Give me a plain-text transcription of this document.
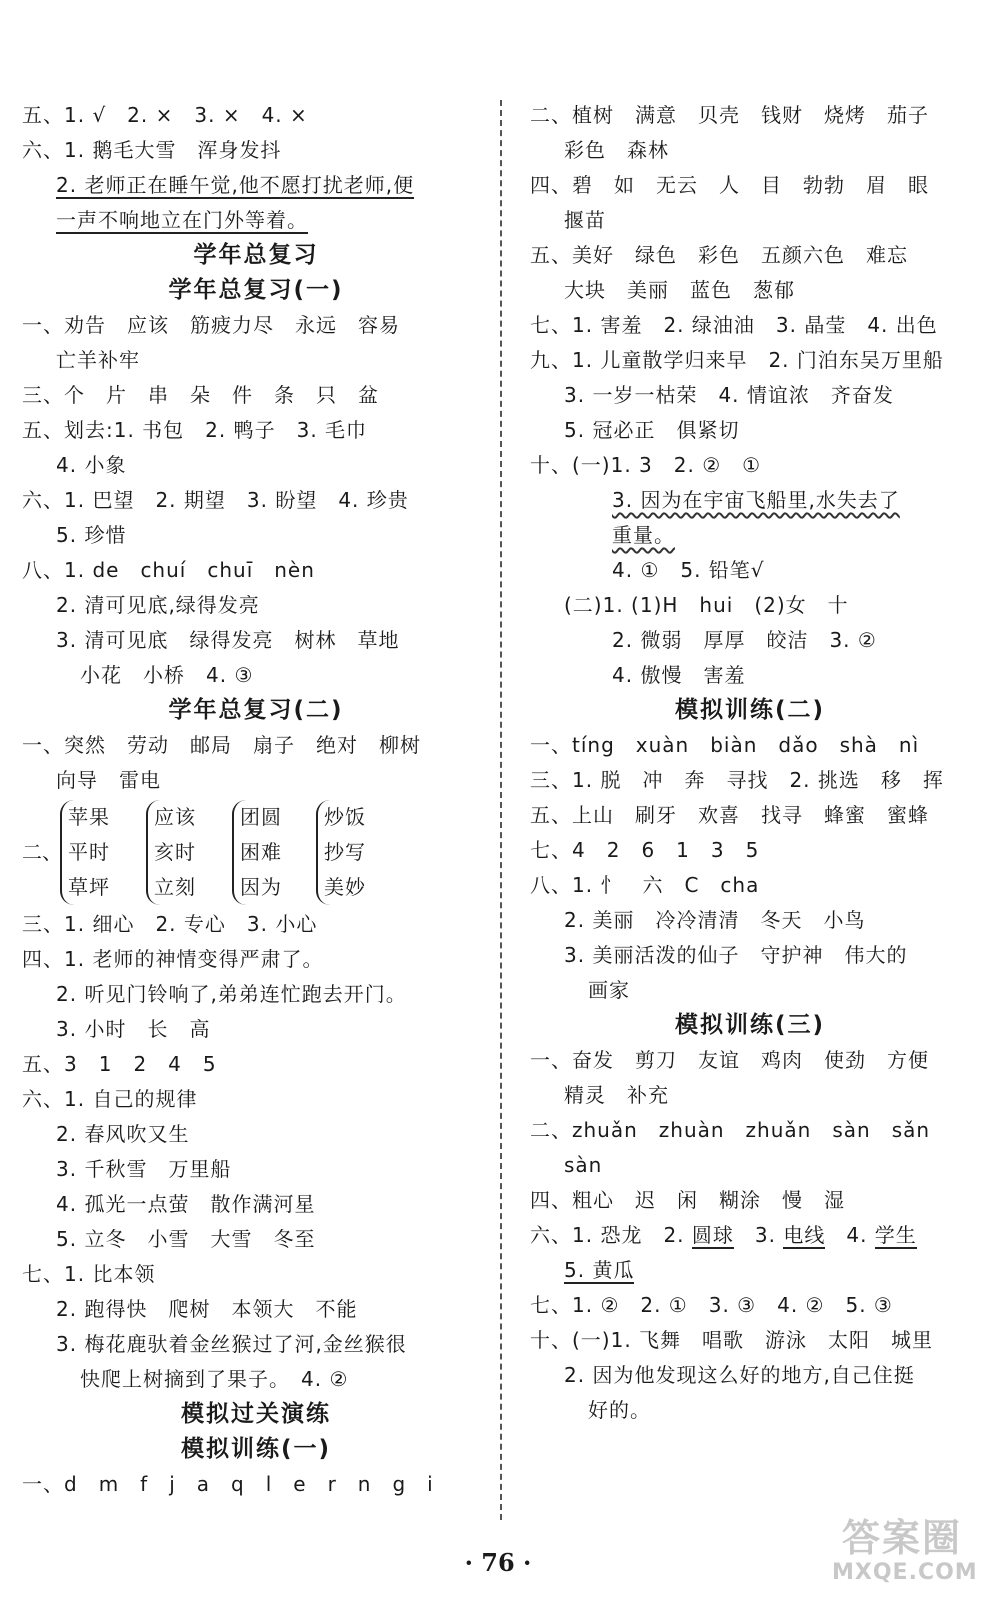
五、1. √　2. ×　3. ×　4. ×
六、1. 鹅毛大雪　浑身发抖
2. 老师正在睡午觉,他不愿打扰老师,便
一声不响地立在门外等着。
学年总复习
学年总复习(一)
一、劝告　应该　筋疲力尽　永远　容易
亡羊补牢
三、个　片　串　朵　件　条　只　盆
五、划去:1. 书包　2. 鸭子　3. 毛巾
4. 小象
六、1. 巴望　2. 期望　3. 盼望　4. 珍贵
5. 珍惜
八、1. de　chuí　chuī　nèn
2. 清可见底,绿得发亮
3. 清可见底　绿得发亮　树林　草地
小花　小桥　4. ③
学年总复习(二)
一、突然　劳动　邮局　扇子　绝对　柳树
向导　雷电
二、
苹果
平时
草坪
应该
亥时
立刻
团圆
困难
因为
炒饭
抄写
美妙
三、1. 细心　2. 专心　3. 小心
四、1. 老师的神情变得严肃了。
2. 听见门铃响了,弟弟连忙跑去开门。
3. 小时　长　高
五、3　1　2　4　5
六、1. 自己的规律
2. 春风吹又生
3. 千秋雪　万里船
4. 孤光一点萤　散作满河星
5. 立冬　小雪　大雪　冬至
七、1. 比本领
2. 跑得快　爬树　本领大　不能
3. 梅花鹿驮着金丝猴过了河,金丝猴很
快爬上树摘到了果子。　4. ②
模拟过关演练
模拟训练(一)
一、d　m　f　j　a　q　l　e　r　n　g　i
二、植树　满意　贝壳　钱财　烧烤　茄子
彩色　森林
四、碧　如　无云　人　目　勃勃　眉　眼
揠苗
五、美好　绿色　彩色　五颜六色　难忘
大块　美丽　蓝色　葱郁
七、1. 害羞　2. 绿油油　3. 晶莹　4. 出色
九、1. 儿童散学归来早　2. 门泊东吴万里船
3. 一岁一枯荣　4. 情谊浓　齐奋发
5. 冠必正　俱紧切
十、(一)1. 3　2. ②　①
3. 因为在宇宙飞船里,水失去了
重量。
4. ①　5. 铅笔√
(二)1. (1)H　hui　(2)女　十
2. 微弱　厚厚　皎洁　3. ②
4. 傲慢　害羞
模拟训练(二)
一、tíng　xuàn　biàn　dǎo　shà　nì
三、1. 脱　冲　奔　寻找　2. 挑选　移　挥
五、上山　刷牙　欢喜　找寻　蜂蜜　蜜蜂
七、4　2　6　1　3　5
八、1. 忄　六　C　cha
2. 美丽　冷冷清清　冬天　小鸟
3. 美丽活泼的仙子　守护神　伟大的
画家
模拟训练(三)
一、奋发　剪刀　友谊　鸡肉　使劲　方便
精灵　补充
二、zhuǎn　zhuàn　zhuǎn　sàn　sǎn
sàn
四、粗心　迟　闲　糊涂　慢　湿
六、1. 恐龙　2. 圆球　3. 电线　4. 学生
5. 黄瓜
七、1. ②　2. ①　3. ③　4. ②　5. ③
十、(一)1. 飞舞　唱歌　游泳　太阳　城里
2. 因为他发现这么好的地方,自己住挺
好的。
· 76 ·
答案圈
MXQE.COM
